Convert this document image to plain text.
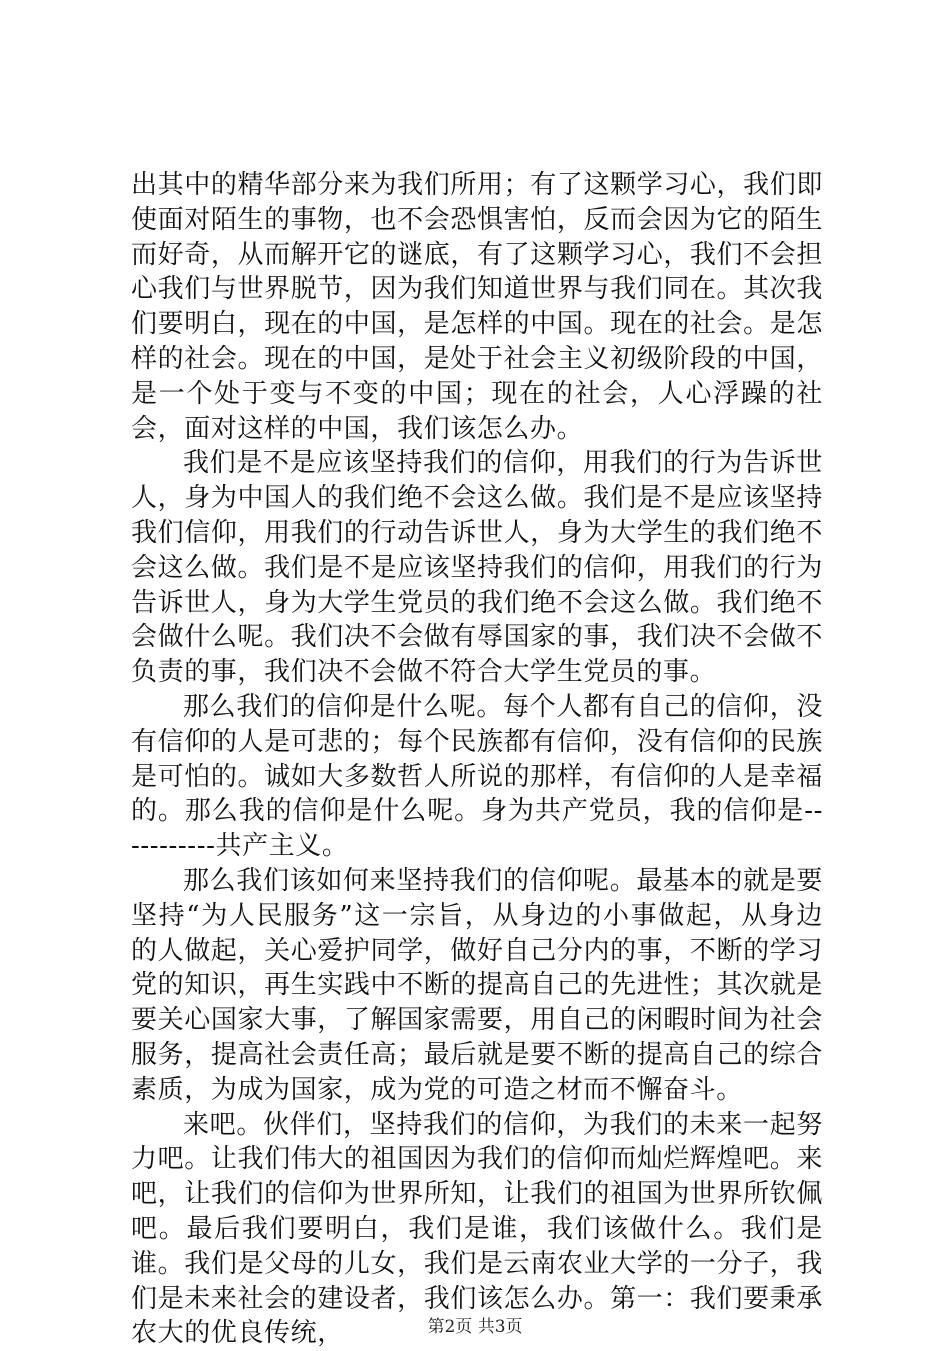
出其中的精华部分来为我们所用；有了这颗学习心，我们即使面对陌生的事物，也不会恐惧害怕，反而会因为它的陌生而好奇，从而解开它的谜底，有了这颗学习心，我们不会担心我们与世界脱节，因为我们知道世界与我们同在。其次我们要明白，现在的中国，是怎样的中国。现在的社会。是怎样的社会。现在的中国，是处于社会主义初级阶段的中国，是一个处于变与不变的中国；现在的社会，人心浮躁的社会，面对这样的中国，我们该怎么办。

我们是不是应该坚持我们的信仰，用我们的行为告诉世人，身为中国人的我们绝不会这么做。我们是不是应该坚持我们信仰，用我们的行动告诉世人，身为大学生的我们绝不会这么做。我们是不是应该坚持我们的信仰，用我们的行为告诉世人，身为大学生党员的我们绝不会这么做。我们绝不会做什么呢。我们决不会做有辱国家的事，我们决不会做不负责的事，我们决不会做不符合大学生党员的事。

那么我们的信仰是什么呢。每个人都有自己的信仰，没有信仰的人是可悲的；每个民族都有信仰，没有信仰的民族是可怕的。诚如大多数哲人所说的那样，有信仰的人是幸福的。那么我的信仰是什么呢。身为共产党员，我的信仰是-----------共产主义。

那么我们该如何来坚持我们的信仰呢。最基本的就是要坚持“为人民服务”这一宗旨，从身边的小事做起，从身边的人做起，关心爱护同学，做好自己分内的事，不断的学习党的知识，再生实践中不断的提高自己的先进性；其次就是要关心国家大事，了解国家需要，用自己的闲暇时间为社会服务，提高社会责任高；最后就是要不断的提高自己的综合素质，为成为国家，成为党的可造之材而不懈奋斗。

来吧。伙伴们，坚持我们的信仰，为我们的未来一起努力吧。让我们伟大的祖国因为我们的信仰而灿烂辉煌吧。来吧，让我们的信仰为世界所知，让我们的祖国为世界所钦佩吧。最后我们要明白，我们是谁，我们该做什么。我们是谁。我们是父母的儿女，我们是云南农业大学的一分子，我们是未来社会的建设者，我们该怎么办。第一：我们要秉承农大的优良传统，	第2页 共3页
